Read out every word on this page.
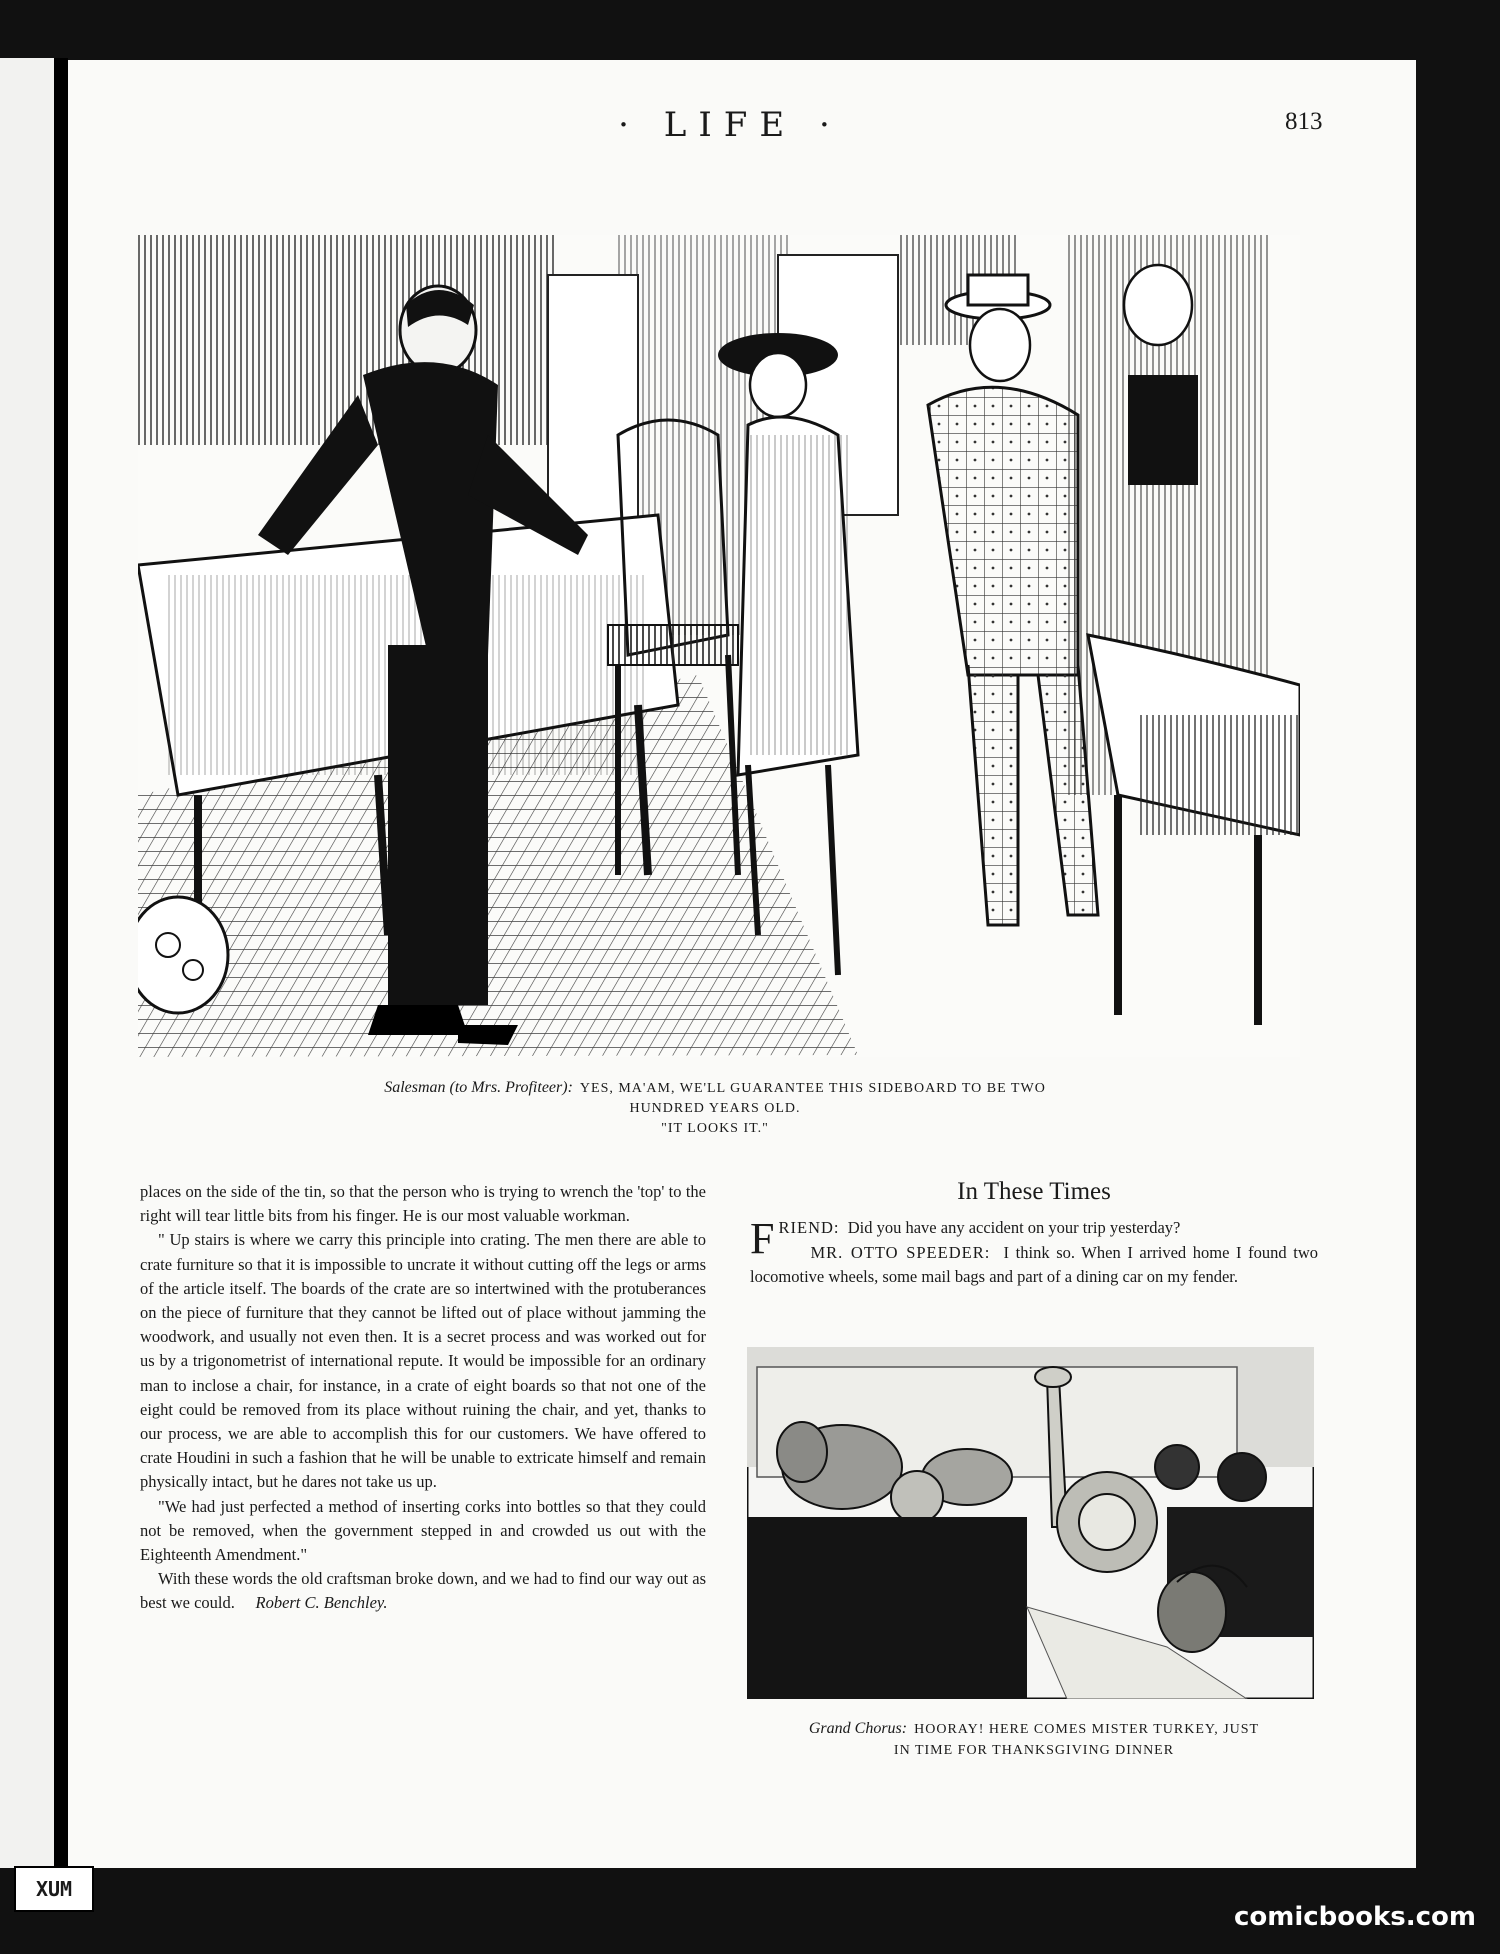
· LIFE ·	813
Salesman (to Mrs. Profiteer): YES, MA'AM, WE'LL GUARANTEE THIS SIDEBOARD TO BE TWO
HUNDRED YEARS OLD.
"IT LOOKS IT."

places on the side of the tin, so that the person who is trying to wrench the 'top' to the right will tear little bits from his finger. He is our most valuable workman.

" Up stairs is where we carry this principle into crating. The men there are able to crate furniture so that it is impossible to uncrate it without cutting off the legs or arms of the article itself. The boards of the crate are so intertwined with the protuberances on the piece of furniture that they cannot be lifted out of place without jamming the woodwork, and usually not even then. It is a secret process and was worked out for us by a trigonometrist of international repute. It would be impossible for an ordinary man to inclose a chair, for instance, in a crate of eight boards so that not one of the eight could be removed from its place without ruining the chair, and yet, thanks to our process, we are able to accomplish this for our customers. We have offered to crate Houdini in such a fashion that he will be unable to extricate himself and remain physically intact, but he dares not take us up.

"We had just perfected a method of inserting corks into bottles so that they could not be removed, when the government stepped in and crowded us out with the Eighteenth Amendment."

With these words the old craftsman broke down, and we had to find our way out as best we could. Robert C. Benchley.

In These Times

FRIEND: Did you have any accident on your trip yesterday?

MR. OTTO SPEEDER: I think so. When I arrived home I found two locomotive wheels, some mail bags and part of a dining car on my fender.

Grand Chorus: HOORAY! HERE COMES MISTER TURKEY, JUST
IN TIME FOR THANKSGIVING DINNER
XUM
comicbooks.com
